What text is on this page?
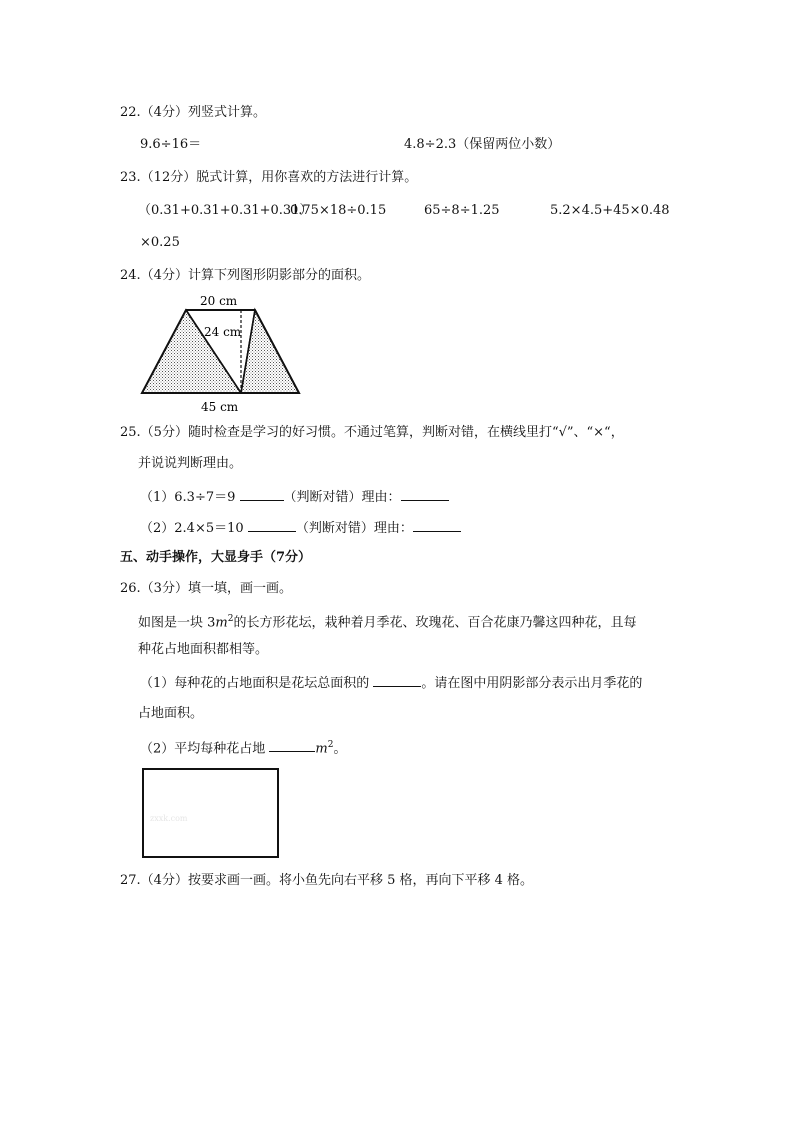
22.（4分）列竖式计算。
9.6÷16＝	4.8÷2.3（保留两位小数）
23.（12分）脱式计算，用你喜欢的方法进行计算。
（0.31+0.31+0.31+0.31）
0.75×18÷0.15	65÷8÷1.25	5.2×4.5+45×0.48
×0.25
24.（4分）计算下列图形阴影部分的面积。
20 cm
24 cm
45 cm
25.（5分）随时检查是学习的好习惯。不通过笔算，判断对错，在横线里打“√”、“×“，
并说说判断理由。
（1）6.3÷7＝9	（判断对错）理由：
（2）2.4×5＝10	（判断对错）理由：
五、动手操作，大显身手（7分）
26.（3分）填一填，画一画。
如图是一块 $3m^2$的长方形花坛，栽种着月季花、玫瑰花、百合花康乃馨这四种花，且每
种花占地面积都相等。
（1）每种花的占地面积是花坛总面积的	。请在图中用阴影部分表示出月季花的
占地面积。
（2）平均每种花占地	$m^2$。
zxxk.com
27.（4分）按要求画一画。将小鱼先向右平移 5 格，再向下平移 4 格。
